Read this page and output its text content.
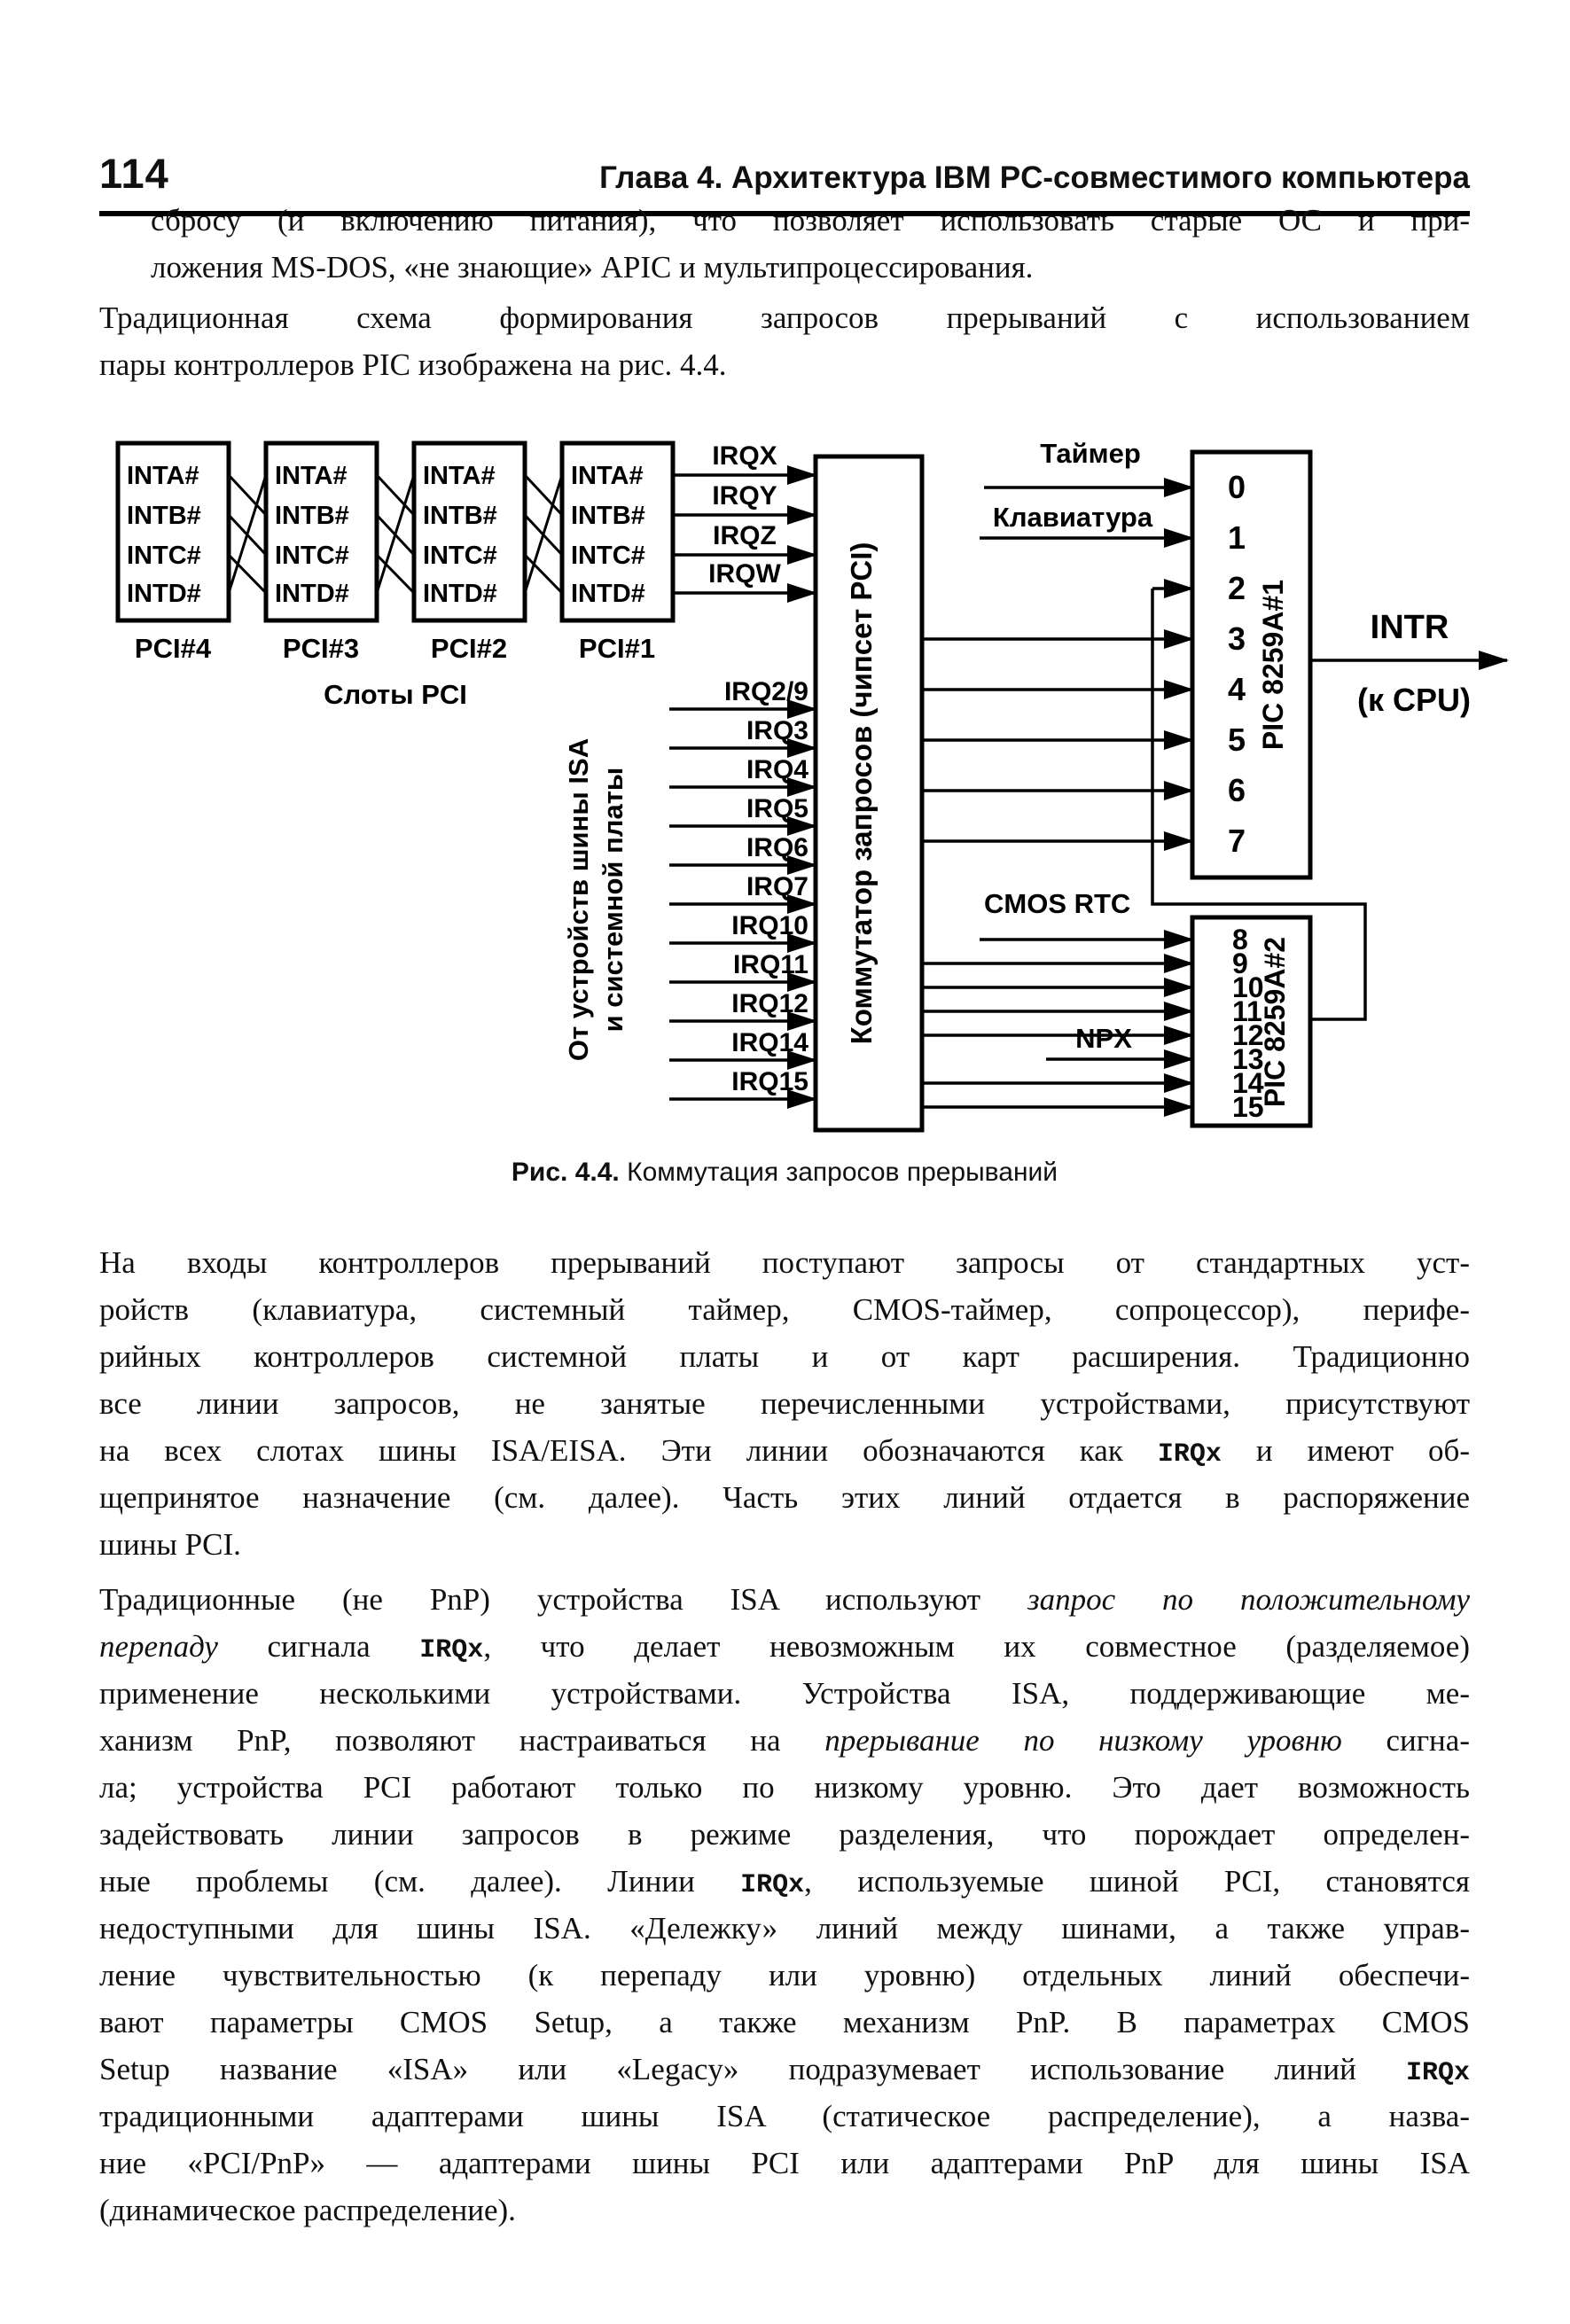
114	Глава 4. Архитектура IBM PC-совместимого компьютера
сбросу (и включению питания), что позволяет использовать старые ОС и при-
ложения MS-DOS, «не знающие» APIC и мультипроцессирования.
Традиционная схема формирования запросов прерываний с использованием
пары контроллеров PIC изображена на рис. 4.4.
INTA#
INTB#
INTC#
INTD#
INTA#
INTB#
INTC#
INTD#
INTA#
INTB#
INTC#
INTD#
INTA#
INTB#
INTC#
INTD#
PCI#4	PCI#3	PCI#2	PCI#1
Слоты PCI
IRQX
IRQY
IRQZ
IRQW
IRQ2/9
IRQ3
IRQ4
IRQ5
IRQ6
IRQ7
IRQ10
IRQ11
IRQ12
IRQ14
IRQ15
От устройств шины ISA и системной платы	Коммутатор запросов (чипсет PCI)
0
1
2
3
4
5
6
7
PIC 8259A#1
Таймер
Клавиатура
INTR
(к CPU)
8
9
10
11
12
13
14
15
PIC 8259A#2
CMOS RTC
NPX
Рис. 4.4. Коммутация запросов прерываний
На входы контроллеров прерываний поступают запросы от стандартных уст-
ройств (клавиатура, системный таймер, CMOS-таймер, сопроцессор), перифе-
рийных контроллеров системной платы и от карт расширения. Традиционно
все линии запросов, не занятые перечисленными устройствами, присутствуют
на всех слотах шины ISA/EISA. Эти линии обозначаются как IRQx и имеют об-
щепринятое назначение (см. далее). Часть этих линий отдается в распоряжение
шины PCI.
Традиционные (не PnP) устройства ISA используют запрос по положительному
перепаду сигнала IRQx, что делает невозможным их совместное (разделяемое)
применение несколькими устройствами. Устройства ISA, поддерживающие ме-
ханизм PnP, позволяют настраиваться на прерывание по низкому уровню сигна-
ла; устройства PCI работают только по низкому уровню. Это дает возможность
задействовать линии запросов в режиме разделения, что порождает определен-
ные проблемы (см. далее). Линии IRQx, используемые шиной PCI, становятся
недоступными для шины ISA. «Дележку» линий между шинами, а также управ-
ление чувствительностью (к перепаду или уровню) отдельных линий обеспечи-
вают параметры CMOS Setup, а также механизм PnP. В параметрах CMOS
Setup название «ISA» или «Legacy» подразумевает использование линий IRQx
традиционными адаптерами шины ISA (статическое распределение), а назва-
ние «PCI/PnP» — адаптерами шины PCI или адаптерами PnP для шины ISA
(динамическое распределение).
